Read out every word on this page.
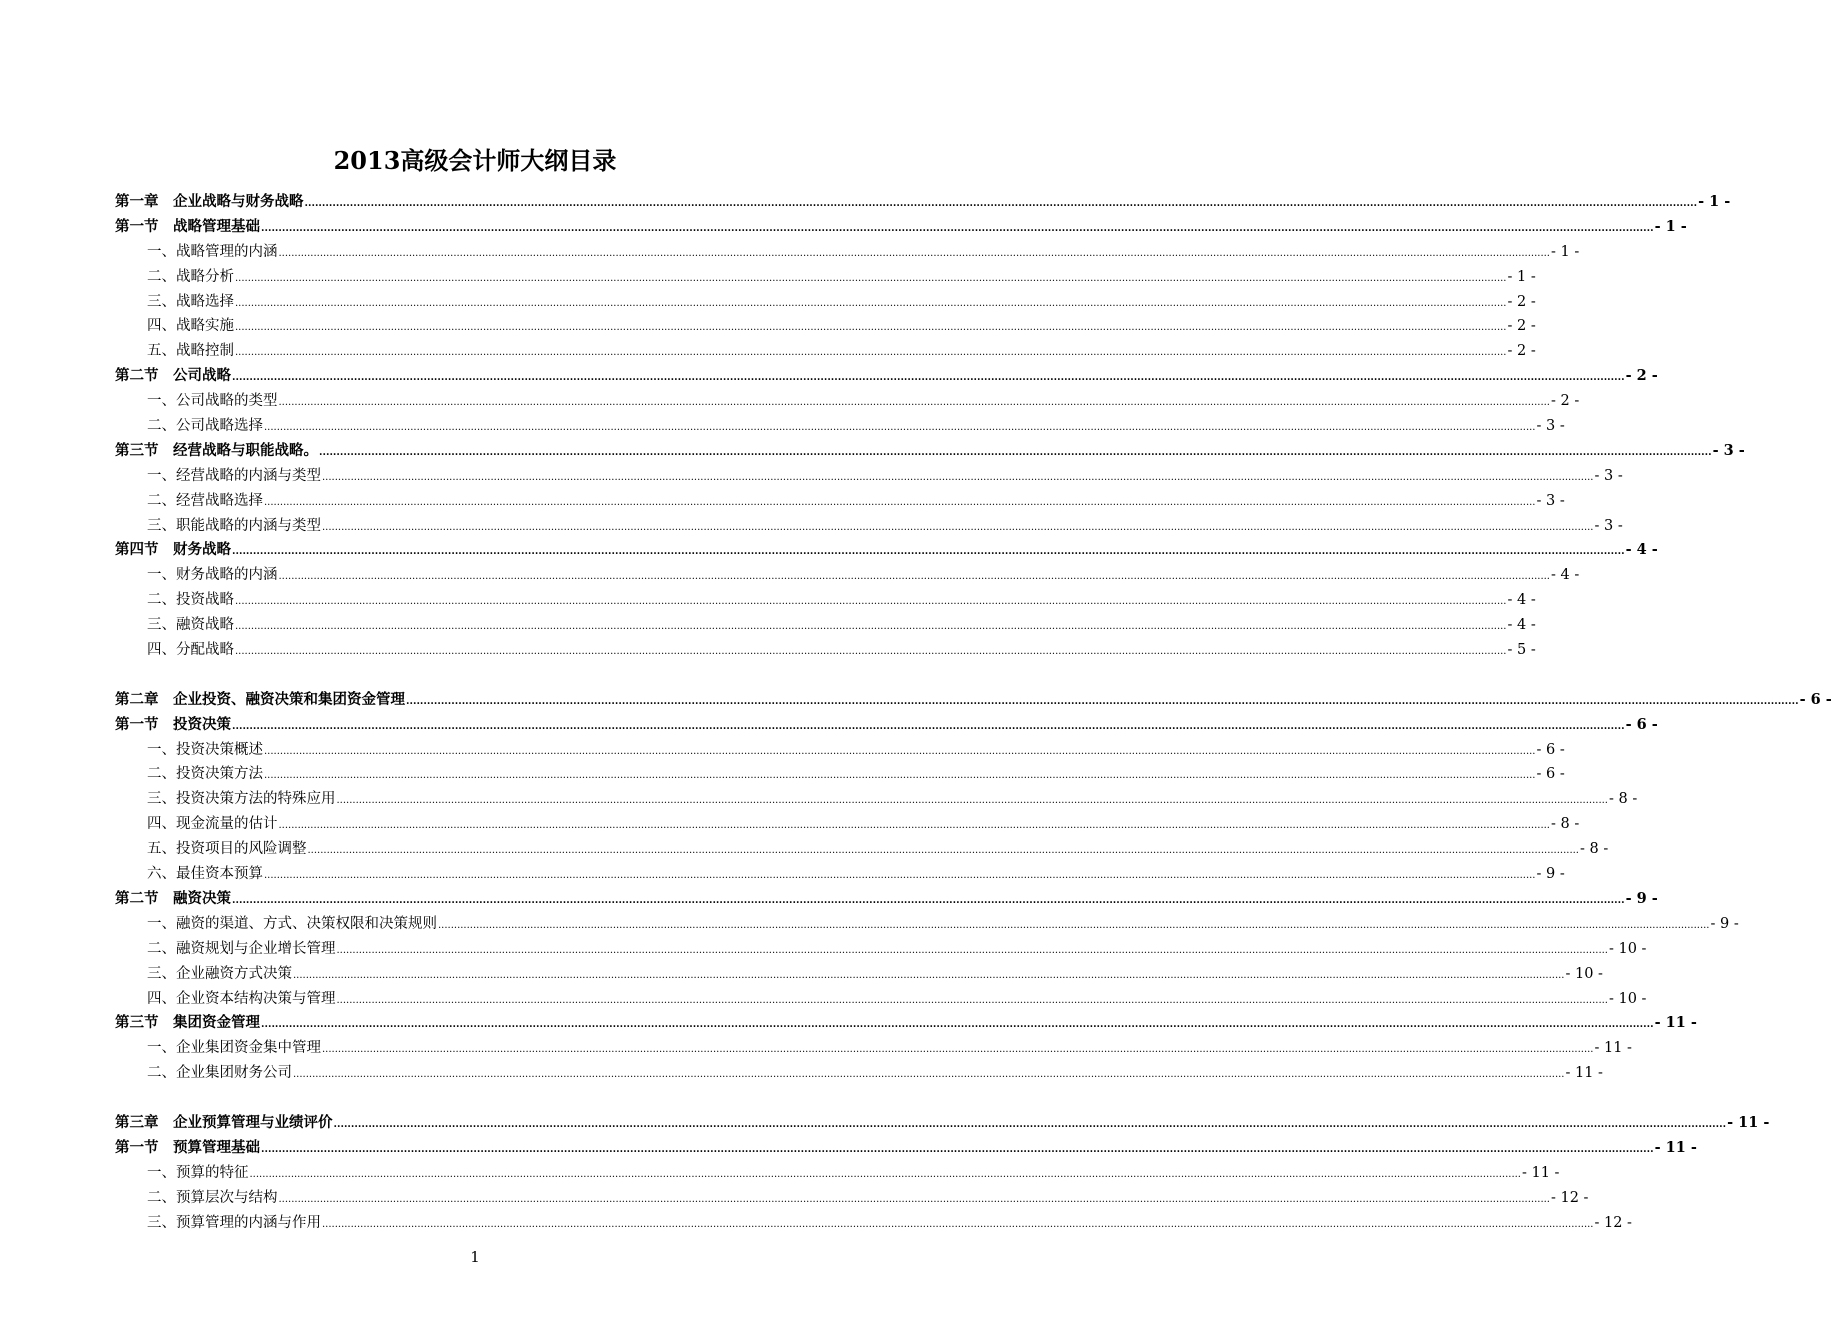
2013高级会计师大纲目录
第一章　企业战略与财务战略 ................................................................................................................................................................................................................................................................................................................................................................................................................ - 1 -
第一节　战略管理基础 ................................................................................................................................................................................................................................................................................................................................................................................................................ - 1 -
一、战略管理的内涵 ................................................................................................................................................................................................................................................................................................................................................................................................................ - 1 -
二、战略分析 ................................................................................................................................................................................................................................................................................................................................................................................................................ - 1 -
三、战略选择 ................................................................................................................................................................................................................................................................................................................................................................................................................ - 2 -
四、战略实施 ................................................................................................................................................................................................................................................................................................................................................................................................................ - 2 -
五、战略控制 ................................................................................................................................................................................................................................................................................................................................................................................................................ - 2 -
第二节　公司战略 ................................................................................................................................................................................................................................................................................................................................................................................................................ - 2 -
一、公司战略的类型 ................................................................................................................................................................................................................................................................................................................................................................................................................ - 2 -
二、公司战略选择 ................................................................................................................................................................................................................................................................................................................................................................................................................ - 3 -
第三节　经营战略与职能战略。 ................................................................................................................................................................................................................................................................................................................................................................................................................ - 3 -
一、经营战略的内涵与类型 ................................................................................................................................................................................................................................................................................................................................................................................................................ - 3 -
二、经营战略选择 ................................................................................................................................................................................................................................................................................................................................................................................................................ - 3 -
三、职能战略的内涵与类型 ................................................................................................................................................................................................................................................................................................................................................................................................................ - 3 -
第四节　财务战略 ................................................................................................................................................................................................................................................................................................................................................................................................................ - 4 -
一、财务战略的内涵 ................................................................................................................................................................................................................................................................................................................................................................................................................ - 4 -
二、投资战略 ................................................................................................................................................................................................................................................................................................................................................................................................................ - 4 -
三、融资战略 ................................................................................................................................................................................................................................................................................................................................................................................................................ - 4 -
四、分配战略 ................................................................................................................................................................................................................................................................................................................................................................................................................ - 5 -
第二章　企业投资、融资决策和集团资金管理 ................................................................................................................................................................................................................................................................................................................................................................................................................ - 6 -
第一节　投资决策 ................................................................................................................................................................................................................................................................................................................................................................................................................ - 6 -
一、投资决策概述 ................................................................................................................................................................................................................................................................................................................................................................................................................ - 6 -
二、投资决策方法 ................................................................................................................................................................................................................................................................................................................................................................................................................ - 6 -
三、投资决策方法的特殊应用 ................................................................................................................................................................................................................................................................................................................................................................................................................ - 8 -
四、现金流量的估计 ................................................................................................................................................................................................................................................................................................................................................................................................................ - 8 -
五、投资项目的风险调整 ................................................................................................................................................................................................................................................................................................................................................................................................................ - 8 -
六、最佳资本预算 ................................................................................................................................................................................................................................................................................................................................................................................................................ - 9 -
第二节　融资决策 ................................................................................................................................................................................................................................................................................................................................................................................................................ - 9 -
一、融资的渠道、方式、决策权限和决策规则 ................................................................................................................................................................................................................................................................................................................................................................................................................ - 9 -
二、融资规划与企业增长管理 ................................................................................................................................................................................................................................................................................................................................................................................................................ - 10 -
三、企业融资方式决策 ................................................................................................................................................................................................................................................................................................................................................................................................................ - 10 -
四、企业资本结构决策与管理 ................................................................................................................................................................................................................................................................................................................................................................................................................ - 10 -
第三节　集团资金管理 ................................................................................................................................................................................................................................................................................................................................................................................................................ - 11 -
一、企业集团资金集中管理 ................................................................................................................................................................................................................................................................................................................................................................................................................ - 11 -
二、企业集团财务公司 ................................................................................................................................................................................................................................................................................................................................................................................................................ - 11 -
第三章　企业预算管理与业绩评价 ................................................................................................................................................................................................................................................................................................................................................................................................................ - 11 -
第一节　预算管理基础 ................................................................................................................................................................................................................................................................................................................................................................................................................ - 11 -
一、预算的特征 ................................................................................................................................................................................................................................................................................................................................................................................................................ - 11 -
二、预算层次与结构 ................................................................................................................................................................................................................................................................................................................................................................................................................ - 12 -
三、预算管理的内涵与作用 ................................................................................................................................................................................................................................................................................................................................................................................................................ - 12 -
1
